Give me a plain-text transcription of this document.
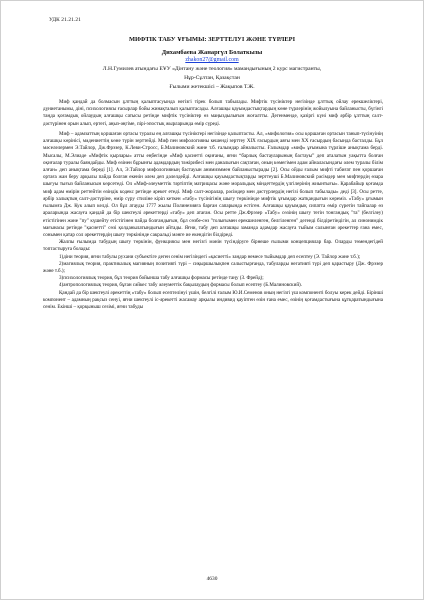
УДК 21.21.21
МИФТІК ТАБУ ҰҒЫМЫ: ЗЕРТТЕЛУІ ЖӘНЕ ТҮРЛЕРІ
Дихамбаева Жанаргүл Болаткызы
zhakon27@gmail.com
Л.Н.Гумилев атындағы ЕҰУ «Дінтану және теология» мамандығының 2 курс магистранты,
Нұр-Сұлтан, Қазақстан
Ғылыми жетекшісі – Жақыпов Т.Ж.

Миф қандай да болмасын ұлттың қалыптасуында негізгі тірек болып табылады. Мифтік түсініктер негізінде ұлттық ойлау ерекшеліктері, дүниетанымы, діні, психологиясы ғасырлар бойы жинақталып қалыптасады. Алғашқы қауымдастықтардың көне түрлерінің жойылуына байланысты, бүгінгі таңда қоғамдық ойлаудың алғашқы сатысы ретінде мифтік түсініктер өз маңыздылығын жоғалтты. Дегенменде, қазіргі күні миф әрбір ұлттың салт-дәстүрінен орын алып, ертегі, аңыз-әңгіме, пірі-эпостық жырларында өмір сүреді.

Миф – адамзаттың қоршаған ортасы туралы ең алғашқы түсініктері негізінде қалыптасты. Ал, «мифология» осы қоршаған ортасын танып-түсінуінің алғашқы көрінісі, мәдениеттің көне түрін зерттейді. Миф пен мифологияны кешенді зерттеу XIX ғасырдың аяғы мен XX ғасырдың басында басталды. Бұл мәселелермен Э.Тайлор, Дж.Фрэзер, К.Леви-Стросс, Б.Малиновский және т.б. ғалымдар айналысты. Ғалымдар «миф» ұғымына түрліше анықтама берді. Мысалы, М.Элиаде «Мифтік қырлары» атты еңбегінде «Миф қасиетті оқиғаны, яғни “барлық бастауларының бастауы” деп аталатын уақытта болған оқиғалар туралы баяндайды. Миф өзінен бұрынғы адамдардың тәжірибесі мен даналығын сақтаған, оның көмегімен адам айналасындағы әлем туралы білім алған» деп анықтама береді [1]. Ал, Э.Тайлор мифологияның бастауын анимизммен байланыстырады [2]. Осы ойды ғалым мифті табиғат пен қоршаған ортаға жан беру арқылы пайда болған екенін әлем деп дәлелдейді. Алғашқы қауымдастықтарды зерттеуші Б.Малиновский рәсімдер мен мифтердің өзара шығуы тығыз байланысын көрсетеді. Ол «Миф-әлеуметтік тәртіптің матрицасы және моральдық міндеттердің үлгілерінің жиынтығы». Қарабайыр қоғамда миф адам өмірін реттейтін өзіндік кодекс ретінде әрекет етеді. Миф салт-жоралар, рәсімдер мен дәстүрлердің негізі болып табылады» деді [3]. Осы ретте, әрбір халықтың салт-дәстүріне, өмір сүру стиліне кіріп кеткен «табу» түсінігінің шығу төркінінде мифтік ұғымдар жатқандығын көреміз. «Табу» ұғымын ғылымға Дж. Кук алып келді. Ол бұл атауды 1777 жылы Полинезияға барған сапарында естіген. Алғашқы қауымдық сипатта өмір сүретін тайпалар өз араларында жасауға қандай да бір шектеулі әрекеттерді «табу» деп атаған. Осы ретте Дж.Фрэзер «Табу» сөзінің шығу тегін тонгандық "та" (белгілеу) етістігінен және "пу" күшейту етістігінен пайда болғандығын, бұл сөзбе-сөз "толығымен ерекшеленген, белгіленген" дегенді білдіретіндігін, ал синонимдік мағынасы ретінде "қасиетті" сөзі қолданылатындығын айтады. Яғни, табу деп алғашқы заманда адамдар жасауға тыйым салынған әрекеттер ғана емес, сонымен қатар сол әрекеттердің шығу төркінінде сакральді мәнге ие екендігін білдіреді.

Жалпы ғылымда табудың шығу төркінін, функциясы мен негізгі мәнін түсіндіруге бірнеше ғылыми концепциялар бар. Оларды төмендегідей топтастыруға болады:

1)діни теория, яғни табулы рухани субъектіге деген сенім негізіндегі «қасиетті» заңдар немесе тыйымдар деп есептеу (Э. Тайлор және т.б.);

2)магиялық теория, практикалық магияның позитивті түрі – сиқыршылықпен салыстырғанда, табуларды негативті түрі деп қарастыру (Дж. Фрэзер және т.б.);

3)психологиялық теория, бұл теория бойынша табу алғашқы формасы ретінде таңу (З. Фрейд);

4)антропологиялық теория, бұған сәйкес табу әлеуметтік бақылаудың формасы болып есептеу (Б.Малиновский).

Қандай да бір шектеулі әрекеттің «табу» болып есептелінуі үшін, белгілі ғалым Ю.И.Семенов оның негізгі үш компоненті болуы керек дейді. Бірінші компонент – адамның рақсыз сенуі, яғни шектеулі іс-әрекетті жасамау арқылы индивид қауіптен өзін ғана емес, өзінің қоғамдастығына құтқаратындығына сенім. Екінші – қорқыныш сезімі, яғни табуды

4630
